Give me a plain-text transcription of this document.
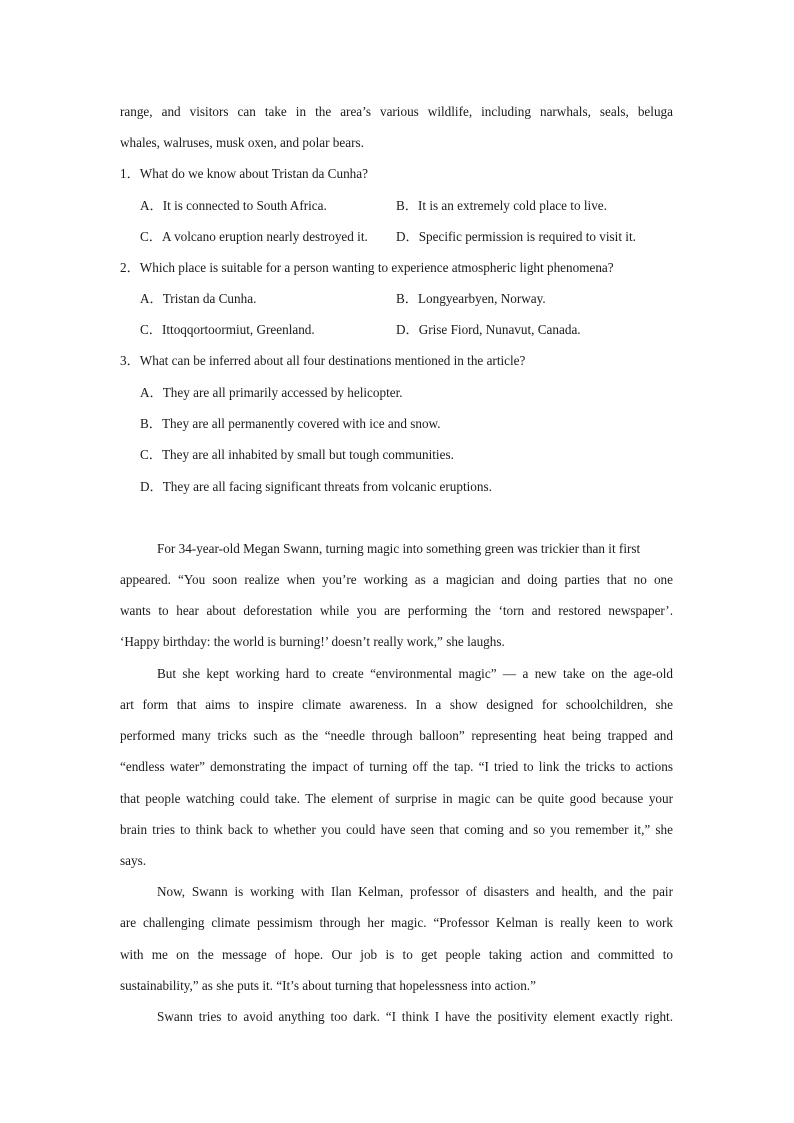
range, and visitors can take in the area’s various wildlife, including narwhals, seals, beluga
whales, walruses, musk oxen, and polar bears.
1．What do we know about Tristan da Cunha?
A．It is connected to South Africa.	B．It is an extremely cold place to live.
C．A volcano eruption nearly destroyed it. D．Specific permission is required to visit it.
2．Which place is suitable for a person wanting to experience atmospheric light phenomena?
A．Tristan da Cunha.	B．Longyearbyen, Norway.
C．Ittoqqortoormiut, Greenland.	D．Grise Fiord, Nunavut, Canada.
3．What can be inferred about all four destinations mentioned in the article?
A．They are all primarily accessed by helicopter.
B．They are all permanently covered with ice and snow.
C．They are all inhabited by small but tough communities.
D．They are all facing significant threats from volcanic eruptions.
For 34-year-old Megan Swann, turning magic into something green was trickier than it first
appeared. “You soon realize when you’re working as a magician and doing parties that no one
wants to hear about deforestation while you are performing the ‘torn and restored newspaper’.
‘Happy birthday: the world is burning!’ doesn’t really work,” she laughs.
But she kept working hard to create “environmental magic” — a new take on the age-old
art form that aims to inspire climate awareness. In a show designed for schoolchildren, she
performed many tricks such as the “needle through balloon” representing heat being trapped and
“endless water” demonstrating the impact of turning off the tap. “I tried to link the tricks to actions
that people watching could take. The element of surprise in magic can be quite good because your
brain tries to think back to whether you could have seen that coming and so you remember it,” she
says.
Now, Swann is working with Ilan Kelman, professor of disasters and health, and the pair
are challenging climate pessimism through her magic. “Professor Kelman is really keen to work
with me on the message of hope. Our job is to get people taking action and committed to
sustainability,” as she puts it. “It’s about turning that hopelessness into action.”
Swann tries to avoid anything too dark. “I think I have the positivity element exactly right.
